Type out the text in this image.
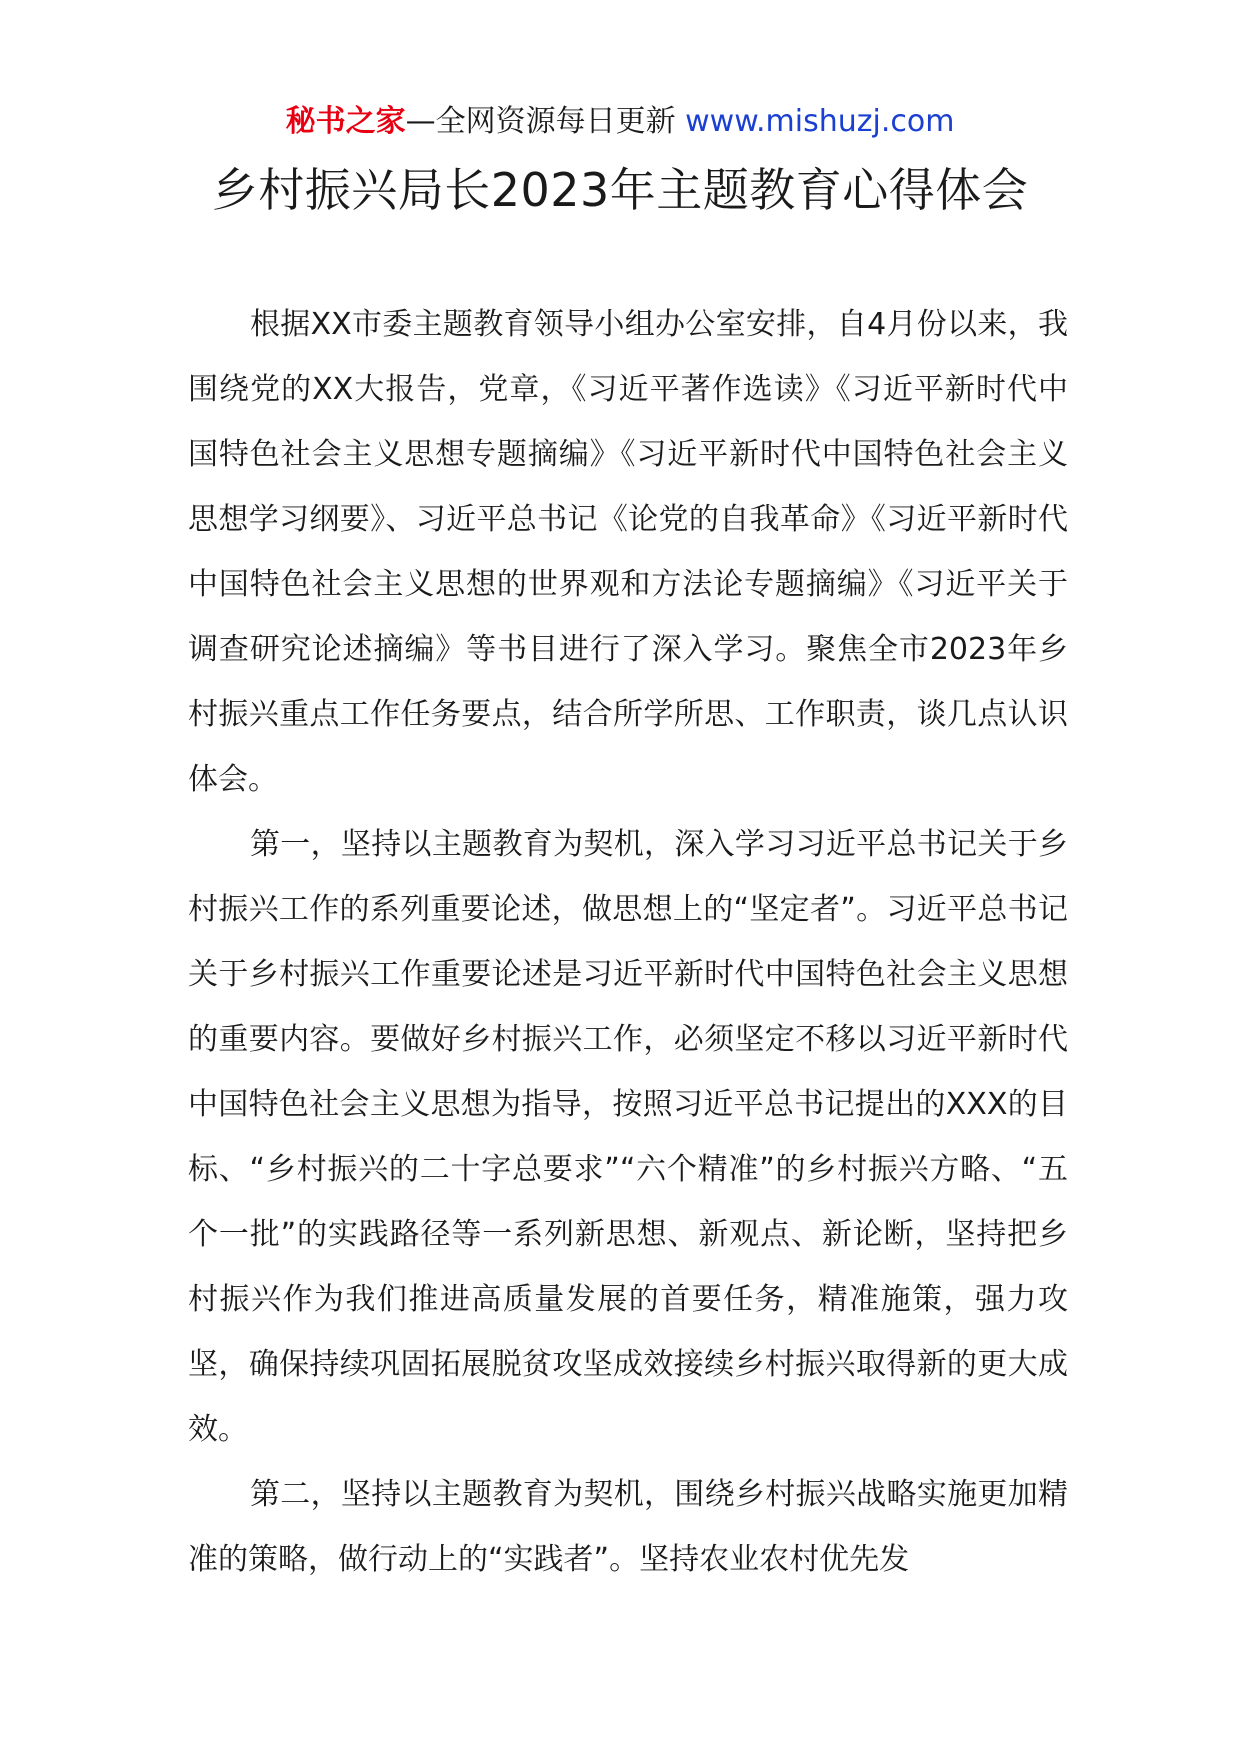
秘书之家—全网资源每日更新 www.mishuzj.com
乡村振兴局长2023年主题教育心得体会

根据XX市委主题教育领导小组办公室安排，自4月份以来，我围绕党的XX大报告，党章，《习近平著作选读》《习近平新时代中国特色社会主义思想专题摘编》《习近平新时代中国特色社会主义思想学习纲要》、习近平总书记《论党的自我革命》《习近平新时代中国特色社会主义思想的世界观和方法论专题摘编》《习近平关于调查研究论述摘编》等书目进行了深入学习。聚焦全市2023年乡村振兴重点工作任务要点，结合所学所思、工作职责，谈几点认识体会。

第一，坚持以主题教育为契机，深入学习习近平总书记关于乡村振兴工作的系列重要论述，做思想上的“坚定者”。习近平总书记关于乡村振兴工作重要论述是习近平新时代中国特色社会主义思想的重要内容。要做好乡村振兴工作，必须坚定不移以习近平新时代中国特色社会主义思想为指导，按照习近平总书记提出的XXX的目标、“乡村振兴的二十字总要求”“六个精准”的乡村振兴方略、“五个一批”的实践路径等一系列新思想、新观点、新论断，坚持把乡村振兴作为我们推进高质量发展的首要任务，精准施策，强力攻坚，确保持续巩固拓展脱贫攻坚成效接续乡村振兴取得新的更大成效。

第二，坚持以主题教育为契机，围绕乡村振兴战略实施更加精准的策略，做行动上的“实践者”。坚持农业农村优先发
